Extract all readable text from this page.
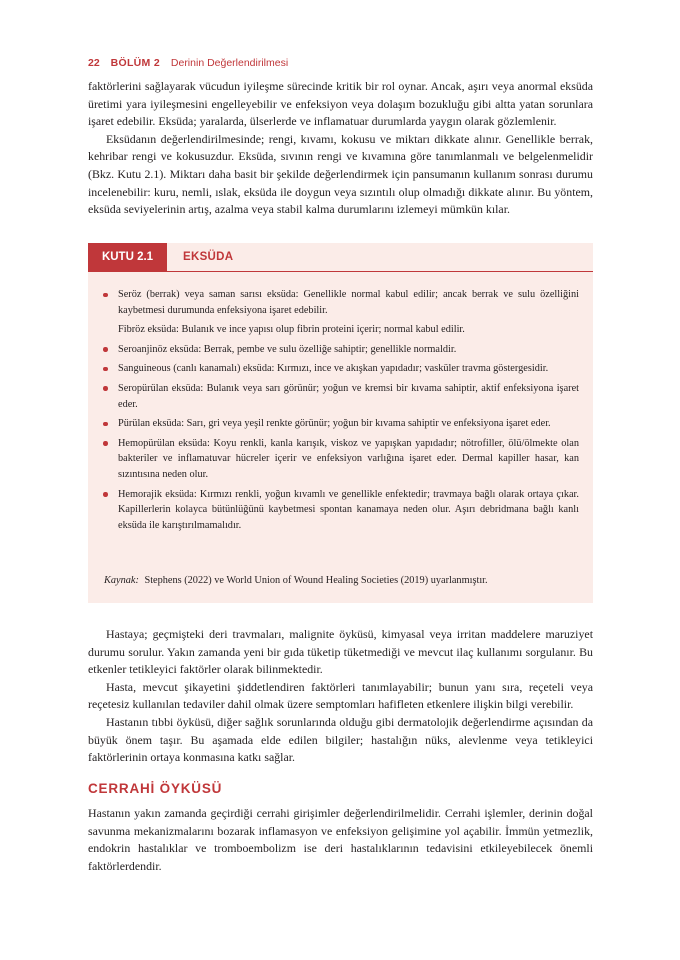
22 BÖLÜM 2 Derinin Değerlendirilmesi

faktörlerini sağlayarak vücudun iyileşme sürecinde kritik bir rol oynar. Ancak, aşırı veya anormal eksüda üretimi yara iyileşmesini engelleyebilir ve enfeksiyon veya dolaşım bozukluğu gibi altta yatan sorunlara işaret edebilir. Eksüda; yaralarda, ülserlerde ve inflamatuar durumlarda yaygın olarak gözlemlenir.

Eksüdanın değerlendirilmesinde; rengi, kıvamı, kokusu ve miktarı dikkate alınır. Genellikle berrak, kehribar rengi ve kokusuzdur. Eksüda, sıvının rengi ve kıvamına göre tanımlanmalı ve belgelenmelidir (Bkz. Kutu 2.1). Miktarı daha basit bir şekilde değerlendirmek için pansumanın kullanım sonrası durumu incelenebilir: kuru, nemli, ıslak, eksüda ile doygun veya sızıntılı olup olmadığı dikkate alınır. Bu yöntem, eksüda seviyelerinin artış, azalma veya stabil kalma durumlarını izlemeyi mümkün kılar.

KUTU 2.1	EKSÜDA
Seröz (berrak) veya saman sarısı eksüda: Genellikle normal kabul edilir; ancak berrak ve sulu özelliğini kaybetmesi durumunda enfeksiyona işaret edebilir.
Fibröz eksüda: Bulanık ve ince yapısı olup fibrin proteini içerir; normal kabul edilir.
Seroanjinöz eksüda: Berrak, pembe ve sulu özelliğe sahiptir; genellikle normaldir.
Sanguineous (canlı kanamalı) eksüda: Kırmızı, ince ve akışkan yapıdadır; vasküler travma göstergesidir.
Seropürülan eksüda: Bulanık veya sarı görünür; yoğun ve kremsi bir kıvama sahiptir, aktif enfeksiyona işaret eder.
Pürülan eksüda: Sarı, gri veya yeşil renkte görünür; yoğun bir kıvama sahiptir ve enfeksiyona işaret eder.
Hemopürülan eksüda: Koyu renkli, kanla karışık, viskoz ve yapışkan yapıdadır; nötrofiller, ölü/ölmekte olan bakteriler ve inflamatuvar hücreler içerir ve enfeksiyon varlığına işaret eder. Dermal kapiller hasar, kan sızıntısına neden olur.
Hemorajik eksüda: Kırmızı renkli, yoğun kıvamlı ve genellikle enfektedir; travmaya bağlı olarak ortaya çıkar. Kapillerlerin kolayca bütünlüğünü kaybetmesi spontan kanamaya neden olur. Aşırı debridmana bağlı kanlı eksüda ile karıştırılmamalıdır.
Kaynak: Stephens (2022) ve World Union of Wound Healing Societies (2019) uyarlanmıştır.

Hastaya; geçmişteki deri travmaları, malignite öyküsü, kimyasal veya irritan maddelere maruziyet durumu sorulur. Yakın zamanda yeni bir gıda tüketip tüketmediği ve mevcut ilaç kullanımı sorgulanır. Bu etkenler tetikleyici faktörler olarak bilinmektedir.

Hasta, mevcut şikayetini şiddetlendiren faktörleri tanımlayabilir; bunun yanı sıra, reçeteli veya reçetesiz kullanılan tedaviler dahil olmak üzere semptomları hafifleten etkenlere ilişkin bilgi verebilir.

Hastanın tıbbi öyküsü, diğer sağlık sorunlarında olduğu gibi dermatolojik değerlendirme açısından da büyük önem taşır. Bu aşamada elde edilen bilgiler; hastalığın nüks, alevlenme veya tetikleyici faktörlerinin ortaya konmasına katkı sağlar.

CERRAHİ ÖYKÜSÜ

Hastanın yakın zamanda geçirdiği cerrahi girişimler değerlendirilmelidir. Cerrahi işlemler, derinin doğal savunma mekanizmalarını bozarak inflamasyon ve enfeksiyon gelişimine yol açabilir. İmmün yetmezlik, endokrin hastalıklar ve tromboembolizm ise deri hastalıklarının tedavisini etkileyebilecek önemli faktörlerdendir.
